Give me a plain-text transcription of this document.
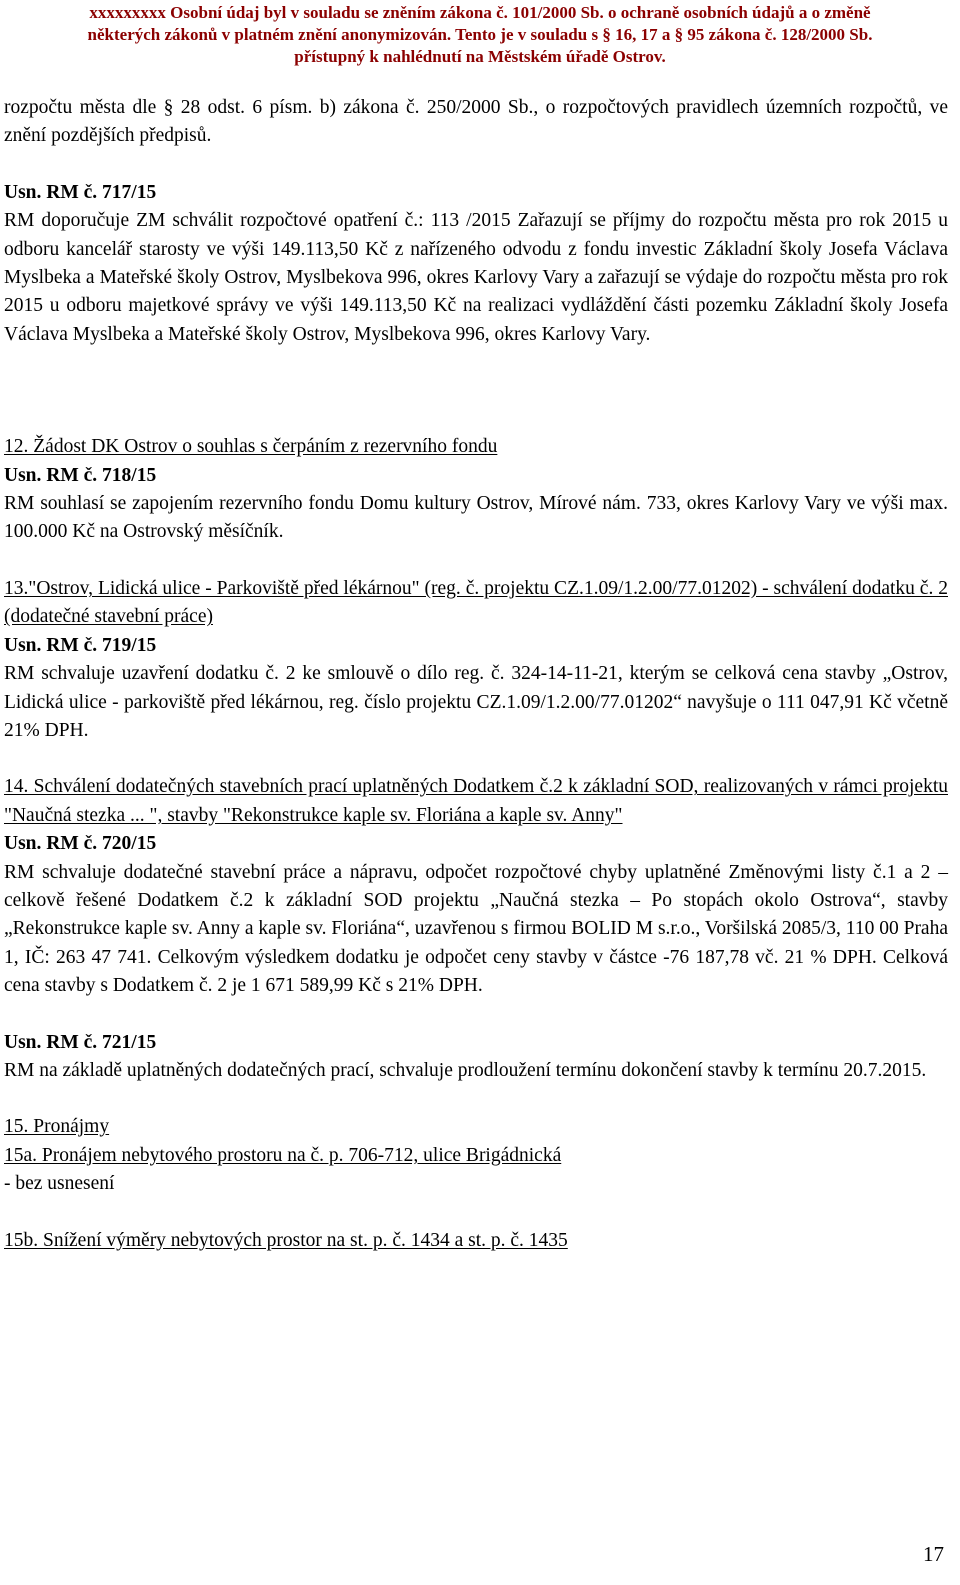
xxxxxxxxx Osobní údaj byl v souladu se zněním zákona č. 101/2000 Sb. o ochraně osobních údajů a o změně
některých zákonů v platném znění anonymizován. Tento je v souladu s § 16, 17 a § 95 zákona č. 128/2000 Sb.
přístupný k nahlédnutí na Městském úřadě Ostrov.

rozpočtu města dle § 28 odst. 6 písm. b) zákona č. 250/2000 Sb., o rozpočtových pravidlech územních rozpočtů, ve znění pozdějších předpisů.

Usn. RM č. 717/15

RM doporučuje ZM schválit rozpočtové opatření č.: 113 /2015 Zařazují se příjmy do rozpočtu města pro rok 2015 u odboru kancelář starosty ve výši 149.113,50 Kč z nařízeného odvodu z fondu investic Základní školy Josefa Václava Myslbeka a Mateřské školy Ostrov, Myslbekova 996, okres Karlovy Vary a zařazují se výdaje do rozpočtu města pro rok 2015 u odboru majetkové správy ve výši 149.113,50 Kč na realizaci vydláždění části pozemku Základní školy Josefa Václava Myslbeka a Mateřské školy Ostrov, Myslbekova 996, okres Karlovy Vary.

12. Žádost DK Ostrov o souhlas s čerpáním z rezervního fondu

Usn. RM č. 718/15

RM souhlasí se zapojením rezervního fondu Domu kultury Ostrov, Mírové nám. 733, okres Karlovy Vary ve výši max. 100.000 Kč na Ostrovský měsíčník.

13."Ostrov, Lidická ulice - Parkoviště před lékárnou" (reg. č. projektu CZ.1.09/1.2.00/77.01202) - schválení dodatku č. 2 (dodatečné stavební práce)

Usn. RM č. 719/15

RM schvaluje uzavření dodatku č. 2 ke smlouvě o dílo reg. č. 324-14-11-21, kterým se celková cena stavby „Ostrov, Lidická ulice - parkoviště před lékárnou, reg. číslo projektu CZ.1.09/1.2.00/77.01202“ navyšuje o 111 047,91 Kč včetně 21% DPH.

14. Schválení dodatečných stavebních prací uplatněných Dodatkem č.2 k základní SOD, realizovaných v rámci projektu "Naučná stezka ... ", stavby "Rekonstrukce kaple sv. Floriána a kaple sv. Anny"

Usn. RM č. 720/15

RM schvaluje dodatečné stavební práce a nápravu, odpočet rozpočtové chyby uplatněné Změnovými listy č.1 a 2 – celkově řešené Dodatkem č.2 k základní SOD projektu „Naučná stezka – Po stopách okolo Ostrova“, stavby „Rekonstrukce kaple sv. Anny a kaple sv. Floriána“, uzavřenou s firmou BOLID M s.r.o., Voršilská 2085/3, 110 00 Praha 1, IČ: 263 47 741. Celkovým výsledkem dodatku je odpočet ceny stavby v částce -76 187,78 vč. 21 % DPH. Celková cena stavby s Dodatkem č. 2 je 1 671 589,99 Kč s 21% DPH.

Usn. RM č. 721/15

RM na základě uplatněných dodatečných prací, schvaluje prodloužení termínu dokončení stavby k termínu 20.7.2015.

15. Pronájmy

15a. Pronájem nebytového prostoru na č. p. 706-712, ulice Brigádnická

- bez usnesení

15b. Snížení výměry nebytových prostor na st. p. č. 1434 a st. p. č. 1435

17
